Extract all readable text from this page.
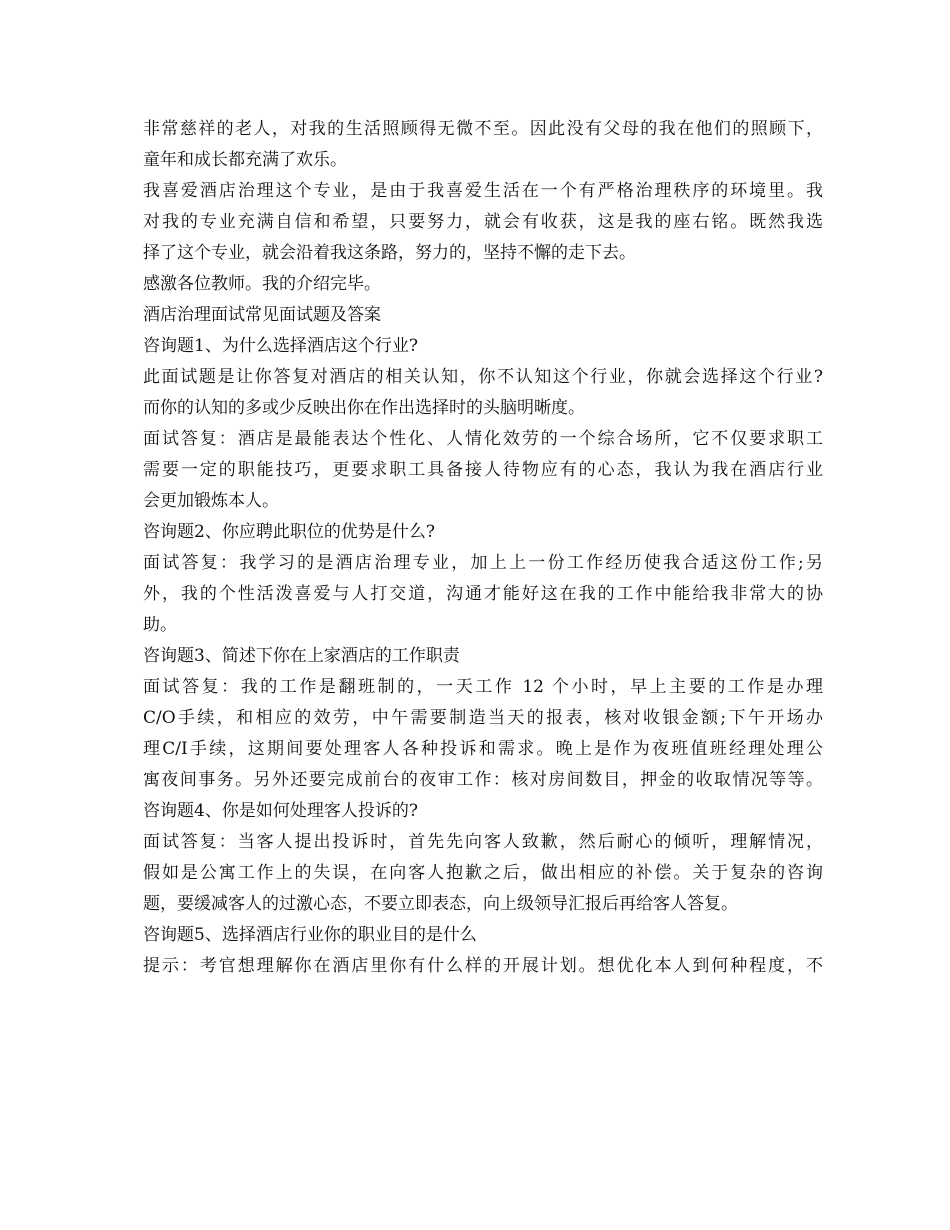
非常慈祥的老人，对我的生活照顾得无微不至。因此没有父母的我在他们的照顾下，
童年和成长都充满了欢乐。
我喜爱酒店治理这个专业，是由于我喜爱生活在一个有严格治理秩序的环境里。我
对我的专业充满自信和希望，只要努力，就会有收获，这是我的座右铭。既然我选
择了这个专业，就会沿着我这条路，努力的，坚持不懈的走下去。
感激各位教师。我的介绍完毕。
酒店治理面试常见面试题及答案
咨询题1、为什么选择酒店这个行业?
此面试题是让你答复对酒店的相关认知，你不认知这个行业，你就会选择这个行业?
而你的认知的多或少反映出你在作出选择时的头脑明晰度。
面试答复：酒店是最能表达个性化、人情化效劳的一个综合场所，它不仅要求职工
需要一定的职能技巧，更要求职工具备接人待物应有的心态，我认为我在酒店行业
会更加锻炼本人。
咨询题2、你应聘此职位的优势是什么?
面试答复：我学习的是酒店治理专业，加上上一份工作经历使我合适这份工作;另
外，我的个性活泼喜爱与人打交道，沟通才能好这在我的工作中能给我非常大的协
助。
咨询题3、简述下你在上家酒店的工作职责
面试答复：我的工作是翻班制的，一天工作 12 个小时，早上主要的工作是办理
C/O手续，和相应的效劳，中午需要制造当天的报表，核对收银金额;下午开场办
理C/I手续，这期间要处理客人各种投诉和需求。晚上是作为夜班值班经理处理公
寓夜间事务。另外还要完成前台的夜审工作：核对房间数目，押金的收取情况等等。
咨询题4、你是如何处理客人投诉的?
面试答复：当客人提出投诉时，首先先向客人致歉，然后耐心的倾听，理解情况，
假如是公寓工作上的失误，在向客人抱歉之后，做出相应的补偿。关于复杂的咨询
题，要缓减客人的过激心态，不要立即表态，向上级领导汇报后再给客人答复。
咨询题5、选择酒店行业你的职业目的是什么
提示：考官想理解你在酒店里你有什么样的开展计划。想优化本人到何种程度，不
